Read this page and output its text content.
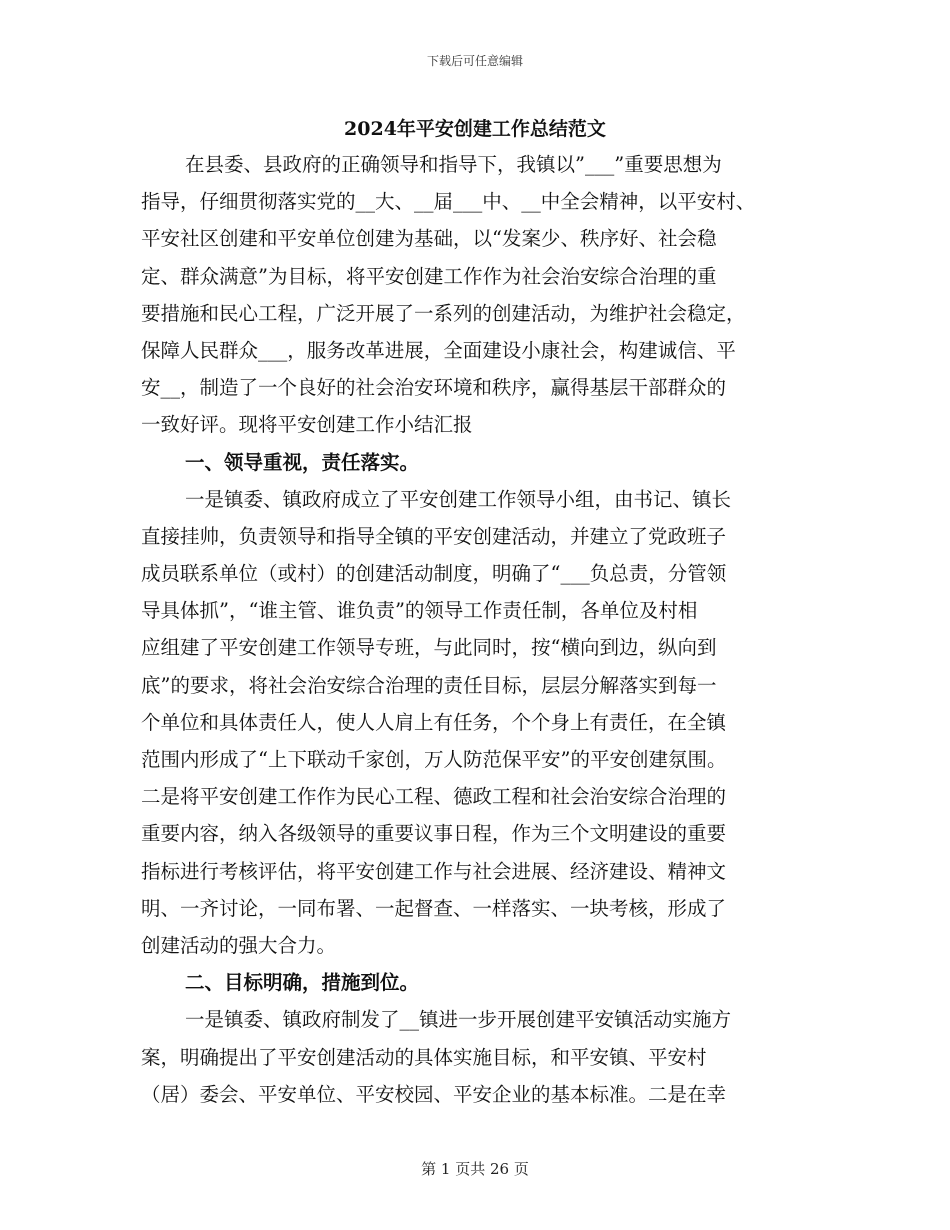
下载后可任意编辑
2024年平安创建工作总结范文
在县委、县政府的正确领导和指导下，我镇以”___”重要思想为
指导，仔细贯彻落实党的__大、__届___中、__中全会精神，以平安村、
平安社区创建和平安单位创建为基础，以“发案少、秩序好、社会稳
定、群众满意”为目标，将平安创建工作作为社会治安综合治理的重
要措施和民心工程，广泛开展了一系列的创建活动，为维护社会稳定，
保障人民群众___，服务改革进展，全面建设小康社会，构建诚信、平
安__，制造了一个良好的社会治安环境和秩序，赢得基层干部群众的
一致好评。现将平安创建工作小结汇报
一、领导重视，责任落实。
一是镇委、镇政府成立了平安创建工作领导小组，由书记、镇长
直接挂帅，负责领导和指导全镇的平安创建活动，并建立了党政班子
成员联系单位（或村）的创建活动制度，明确了“___负总责，分管领
导具体抓”，“谁主管、谁负责”的领导工作责任制，各单位及村相
应组建了平安创建工作领导专班，与此同时，按“横向到边，纵向到
底”的要求，将社会治安综合治理的责任目标，层层分解落实到每一
个单位和具体责任人，使人人肩上有任务，个个身上有责任，在全镇
范围内形成了“上下联动千家创，万人防范保平安”的平安创建氛围。
二是将平安创建工作作为民心工程、德政工程和社会治安综合治理的
重要内容，纳入各级领导的重要议事日程，作为三个文明建设的重要
指标进行考核评估，将平安创建工作与社会进展、经济建设、精神文
明、一齐讨论，一同布署、一起督查、一样落实、一块考核，形成了
创建活动的强大合力。
二、目标明确，措施到位。
一是镇委、镇政府制发了__镇进一步开展创建平安镇活动实施方
案，明确提出了平安创建活动的具体实施目标，和平安镇、平安村
（居）委会、平安单位、平安校园、平安企业的基本标准。二是在幸
第 1 页共 26 页
